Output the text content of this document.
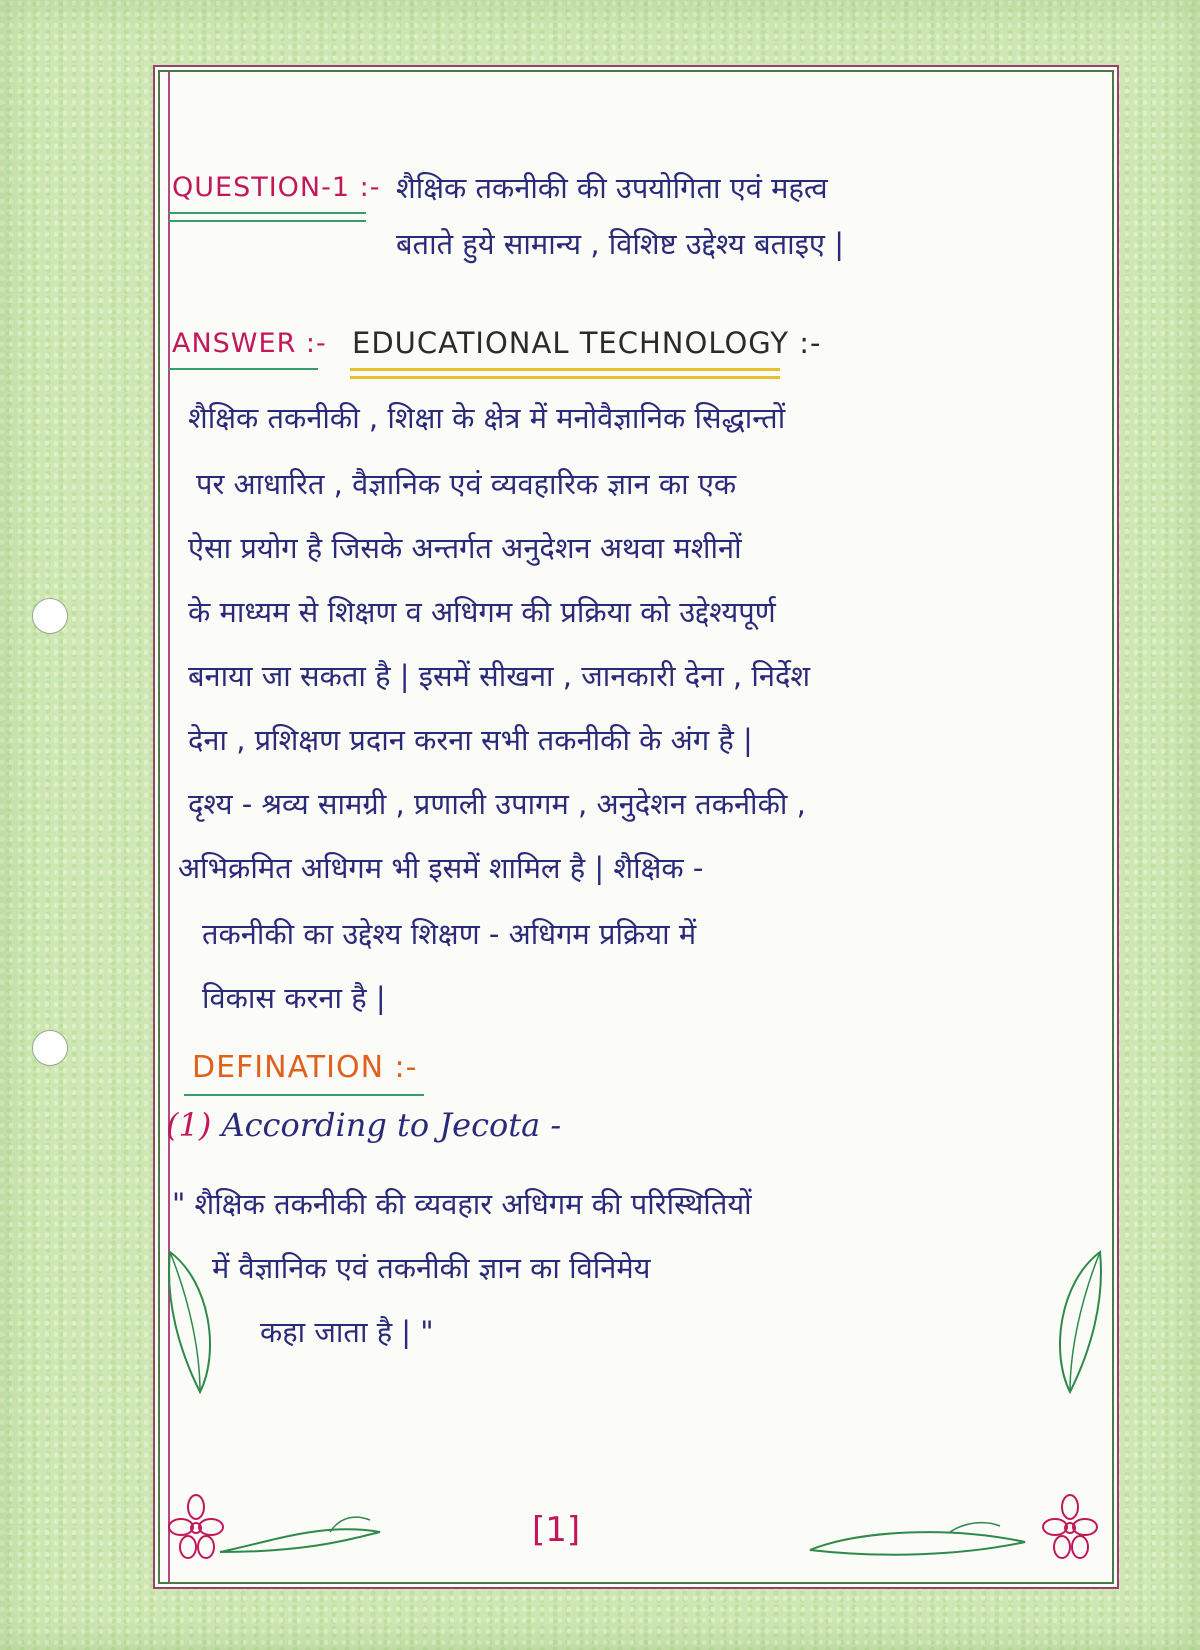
QUESTION-1 :- शैक्षिक तकनीकी की उपयोगिता एवं महत्व
बताते हुये सामान्य , विशिष्ट उद्देश्य बताइए |
ANSWER :- EDUCATIONAL TECHNOLOGY :-
शैक्षिक तकनीकी , शिक्षा के क्षेत्र में मनोवैज्ञानिक सिद्धान्तों
पर आधारित , वैज्ञानिक एवं व्यवहारिक ज्ञान का एक
ऐसा प्रयोग है जिसके अन्तर्गत अनुदेशन अथवा मशीनों
के माध्यम से शिक्षण व अधिगम की प्रक्रिया को उद्देश्यपूर्ण
बनाया जा सकता है | इसमें सीखना , जानकारी देना , निर्देश
देना , प्रशिक्षण प्रदान करना सभी तकनीकी के अंग है |
दृश्य - श्रव्य सामग्री , प्रणाली उपागम , अनुदेशन तकनीकी ,
अभिक्रमित अधिगम भी इसमें शामिल है | शैक्षिक -
तकनीकी का उद्देश्य शिक्षण - अधिगम प्रक्रिया में
विकास करना है |
DEFINATION :-
(1) According to Jecota -
" शैक्षिक तकनीकी की व्यवहार अधिगम की परिस्थितियों
में वैज्ञानिक एवं तकनीकी ज्ञान का विनिमेय
कहा जाता है | "
[1]
